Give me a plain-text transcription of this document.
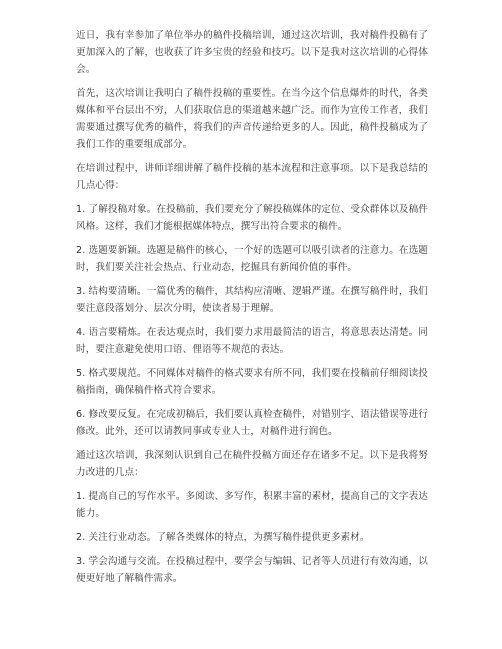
近日，我有幸参加了单位举办的稿件投稿培训，通过这次培训，我对稿件投稿有了更加深入的了解，也收获了许多宝贵的经验和技巧。以下是我对这次培训的心得体会。

首先，这次培训让我明白了稿件投稿的重要性。在当今这个信息爆炸的时代，各类媒体和平台层出不穷，人们获取信息的渠道越来越广泛。而作为宣传工作者，我们需要通过撰写优秀的稿件，将我们的声音传递给更多的人。因此，稿件投稿成为了我们工作的重要组成部分。

在培训过程中，讲师详细讲解了稿件投稿的基本流程和注意事项。以下是我总结的几点心得：

1. 了解投稿对象。在投稿前，我们要充分了解投稿媒体的定位、受众群体以及稿件风格。这样，我们才能根据媒体特点，撰写出符合要求的稿件。

2. 选题要新颖。选题是稿件的核心，一个好的选题可以吸引读者的注意力。在选题时，我们要关注社会热点、行业动态，挖掘具有新闻价值的事件。

3. 结构要清晰。一篇优秀的稿件，其结构应清晰、逻辑严谨。在撰写稿件时，我们要注意段落划分、层次分明，使读者易于理解。

4. 语言要精炼。在表达观点时，我们要力求用最简洁的语言，将意思表达清楚。同时，要注意避免使用口语、俚语等不规范的表达。

5. 格式要规范。不同媒体对稿件的格式要求有所不同，我们要在投稿前仔细阅读投稿指南，确保稿件格式符合要求。

6. 修改要反复。在完成初稿后，我们要认真检查稿件，对错别字、语法错误等进行修改。此外，还可以请教同事或专业人士，对稿件进行润色。

通过这次培训，我深刻认识到自己在稿件投稿方面还存在诸多不足。以下是我将努力改进的几点：

1. 提高自己的写作水平。多阅读、多写作，积累丰富的素材，提高自己的文字表达能力。

2. 关注行业动态。了解各类媒体的特点，为撰写稿件提供更多素材。

3. 学会沟通与交流。在投稿过程中，要学会与编辑、记者等人员进行有效沟通，以便更好地了解稿件需求。
